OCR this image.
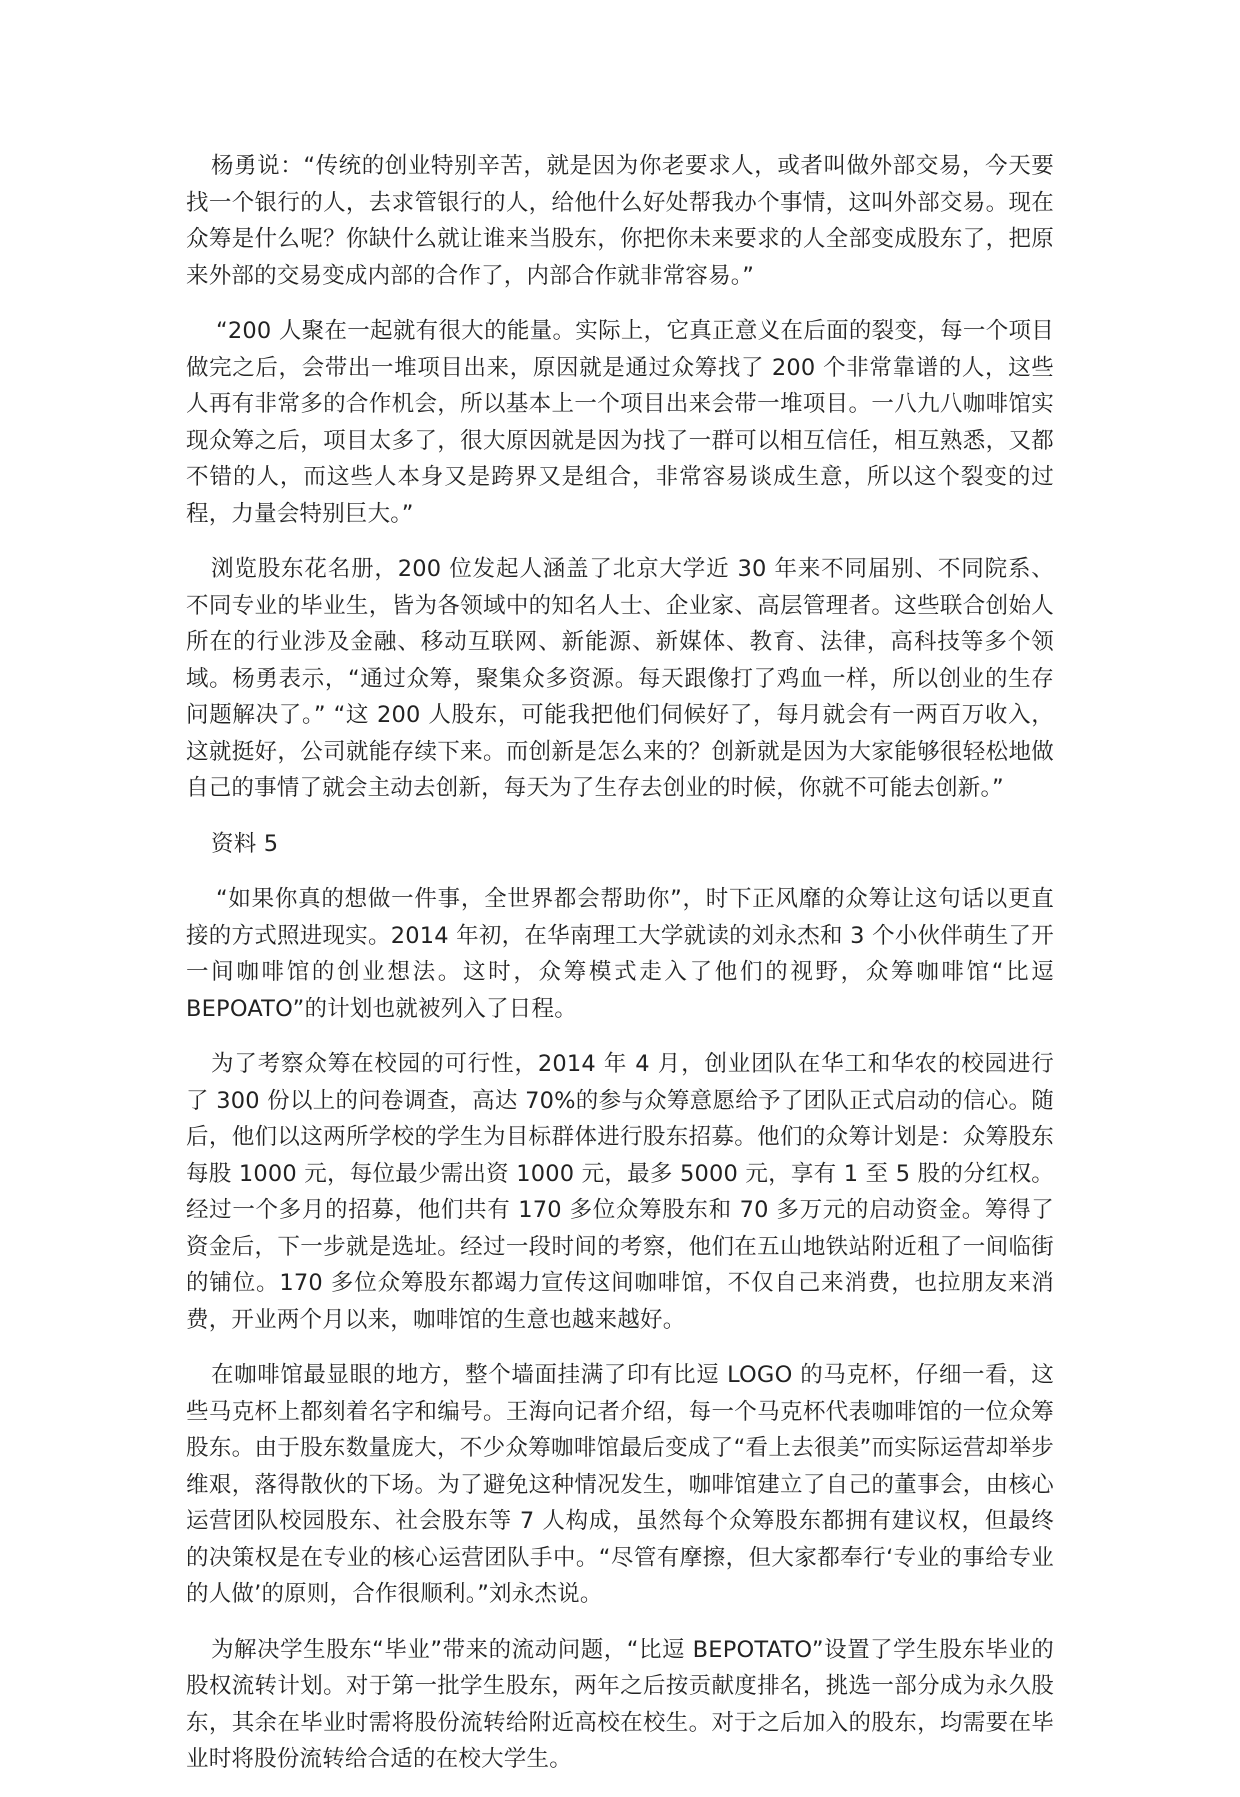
杨勇说：“传统的创业特别辛苦，就是因为你老要求人，或者叫做外部交易，今天要找一个银行的人，去求管银行的人，给他什么好处帮我办个事情，这叫外部交易。现在众筹是什么呢？你缺什么就让谁来当股东，你把你未来要求的人全部变成股东了，把原来外部的交易变成内部的合作了，内部合作就非常容易。”

“200 人聚在一起就有很大的能量。实际上，它真正意义在后面的裂变，每一个项目做完之后，会带出一堆项目出来，原因就是通过众筹找了 200 个非常靠谱的人，这些人再有非常多的合作机会，所以基本上一个项目出来会带一堆项目。一八九八咖啡馆实现众筹之后，项目太多了，很大原因就是因为找了一群可以相互信任，相互熟悉，又都不错的人，而这些人本身又是跨界又是组合，非常容易谈成生意，所以这个裂变的过程，力量会特别巨大。”

浏览股东花名册，200 位发起人涵盖了北京大学近 30 年来不同届别、不同院系、不同专业的毕业生，皆为各领域中的知名人士、企业家、高层管理者。这些联合创始人所在的行业涉及金融、移动互联网、新能源、新媒体、教育、法律，高科技等多个领域。杨勇表示，“通过众筹，聚集众多资源。每天跟像打了鸡血一样，所以创业的生存问题解决了。” “这 200 人股东，可能我把他们伺候好了，每月就会有一两百万收入，这就挺好，公司就能存续下来。而创新是怎么来的？创新就是因为大家能够很轻松地做自己的事情了就会主动去创新，每天为了生存去创业的时候，你就不可能去创新。”

资料 5

“如果你真的想做一件事，全世界都会帮助你”，时下正风靡的众筹让这句话以更直接的方式照进现实。2014 年初，在华南理工大学就读的刘永杰和 3 个小伙伴萌生了开一间咖啡馆的创业想法。这时，众筹模式走入了他们的视野，众筹咖啡馆“比逗 BEPOATO”的计划也就被列入了日程。

为了考察众筹在校园的可行性，2014 年 4 月，创业团队在华工和华农的校园进行了 300 份以上的问卷调查，高达 70%的参与众筹意愿给予了团队正式启动的信心。随后，他们以这两所学校的学生为目标群体进行股东招募。他们的众筹计划是：众筹股东每股 1000 元，每位最少需出资 1000 元，最多 5000 元，享有 1 至 5 股的分红权。经过一个多月的招募，他们共有 170 多位众筹股东和 70 多万元的启动资金。筹得了资金后，下一步就是选址。经过一段时间的考察，他们在五山地铁站附近租了一间临街的铺位。170 多位众筹股东都竭力宣传这间咖啡馆，不仅自己来消费，也拉朋友来消费，开业两个月以来，咖啡馆的生意也越来越好。

在咖啡馆最显眼的地方，整个墙面挂满了印有比逗 LOGO 的马克杯，仔细一看，这些马克杯上都刻着名字和编号。王海向记者介绍，每一个马克杯代表咖啡馆的一位众筹股东。由于股东数量庞大，不少众筹咖啡馆最后变成了“看上去很美”而实际运营却举步维艰，落得散伙的下场。为了避免这种情况发生，咖啡馆建立了自己的董事会，由核心运营团队校园股东、社会股东等 7 人构成，虽然每个众筹股东都拥有建议权，但最终的决策权是在专业的核心运营团队手中。“尽管有摩擦，但大家都奉行‘专业的事给专业的人做’的原则，合作很顺利。”刘永杰说。

为解决学生股东“毕业”带来的流动问题，“比逗 BEPOTATO”设置了学生股东毕业的股权流转计划。对于第一批学生股东，两年之后按贡献度排名，挑选一部分成为永久股东，其余在毕业时需将股份流转给附近高校在校生。对于之后加入的股东，均需要在毕业时将股份流转给合适的在校大学生。
